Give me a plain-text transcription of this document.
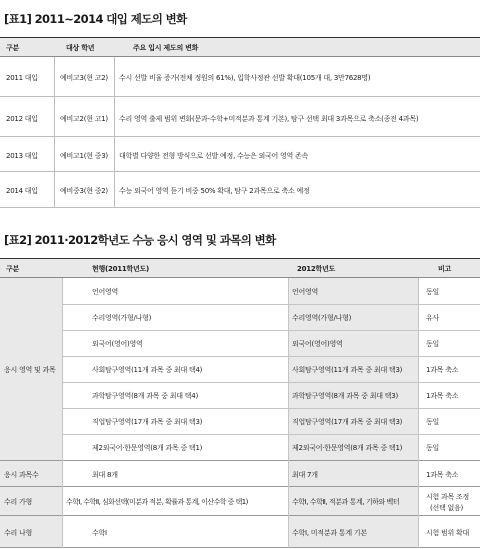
[표1] 2011~2014 대입 제도의 변화
구분	대상 학년	주요 입시 제도의 변화
2011 대입	예비고3(현 고2) 수시 선발 비율 증가(전체 정원의 61%), 입학사정관 선발 확대(105개 대, 3만7628명)
2012 대입	예비고2(현 고1) 수리 영역 출제 범위 변화(문과-수학+미적분과 통계 기본), 탐구 선택 최대 3과목으로 축소(종전 4과목)
2013 대입	예비고1(현 중3) 대학별 다양한 전형 방식으로 선발 예정, 수능은 외국어 영역 존속
2014 대입	예비중3(현 중2) 수능 외국어 영역 듣기 비중 50% 확대, 탐구 2과목으로 축소 예정
[표2] 2011·2012학년도 수능 응시 영역 및 과목의 변화
구분	현행(2011학년도)	2012학년도	비고
응시 영역 및 과목
언어영역	언어영역	동일
수리영역(가형/나형)	수리영역(가형/나형)	유사
외국어(영어)영역	외국어(영어)영역	동일
사회탐구영역(11개 과목 중 최대 택4)	사회탐구영역(11개 과목 중 최대 택3)	1과목 축소
과학탐구영역(8개 과목 중 최대 택4)	과학탐구영역(8개 과목 중 최대 택3)	1과목 축소
직업탐구영역(17개 과목 중 최대 택3)	직업탐구영역(17개 과목 중 최대 택3)	동일
제2외국어·한문영역(8개 과목 중 택1)	제2외국어·한문영역(8개 과목 중 택1)	동일
응시 과목수	최대 8개	최대 7개	1과목 축소
수리 가형	수학Ⅰ, 수학Ⅱ, 심화선택(미분과 적분, 확률과 통계, 이산수학 중 택1)	수학Ⅰ, 수학Ⅱ, 적분과 통계, 기하와 벡터
시험 과목 조정
(선택 없음)
수리 나형	수학Ⅰ	수학Ⅰ, 미적분과 통계 기본	시험 범위 확대
